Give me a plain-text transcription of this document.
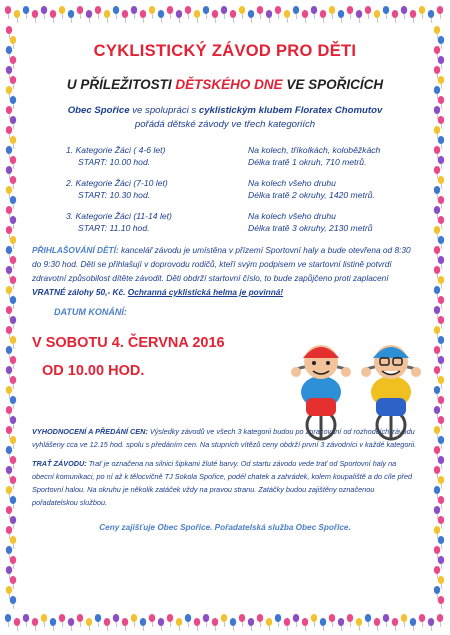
CYKLISTICKÝ ZÁVOD PRO DĚTI
U PŘÍLEŽITOSTI DĚTSKÉHO DNE VE SPOŘICÍCH
Obec Spořice ve spolupráci s cyklistickým klubem Floratex Chomutov
pořádá dětské závody ve třech kategoriích
1. Kategorie Žáci ( 4-6 let)
START: 10.00 hod.
Na kolech, tříkolkách, koloběžkách
Délka tratě 1 okruh, 710 metrů.
2. Kategorie Žáci (7-10 let)
START: 10.30 hod.
Na kolech všeho druhu
Délka tratě 2 okruhy, 1420 metrů.
3. Kategorie Žáci (11-14 let)
START: 11.10 hod.
Na kolech všeho druhu
Délka tratě 3 okruhy, 2130 metrů
PŘIHLAŠOVÁNÍ DĚTÍ: kancelář závodu je umístěna v přízemí Sportovní haly a bude otevřena od 8:30 do 9:30 hod. Děti se přihlašují v doprovodu rodičů, kteří svým podpisem ve startovní listině potvrdí zdravotní způsobilost dítěte závodit. Děti obdrží startovní číslo, to bude zapůjčeno proti zaplacení VRATNÉ zálohy 50,- Kč. Ochranná cyklistická helma je povinná!
DATUM KONÁNÍ:
V SOBOTU 4. ČERVNA 2016
OD 10.00 HOD.
VYHODNOCENÍ A PŘEDÁNÍ CEN: Výsledky závodů ve všech 3 kategorii budou po zpracování od rozhodčích závodu vyhlášeny cca ve 12.15 hod. spolu s předáním cen. Na stupních vítězů ceny obdrží první 3 závodníci v každé kategorii.
TRAŤ ZÁVODU: Trať je označena na silnici šipkami žluté barvy. Od startu závodu vede trať od Sportovní haly na obecní komunikaci, po ní až k tělocvičně TJ Sokola Spořice, podél chatek a zahrádek, kolem koupaliště a do cíle před Sportovní halou. Na okruhu je několik zatáček vždy na pravou stranu. Zatáčky budou zajištěny označenou pořadatelskou službou.
Ceny zajišťuje Obec Spořice. Pořadatelská služba Obec Spořice.
